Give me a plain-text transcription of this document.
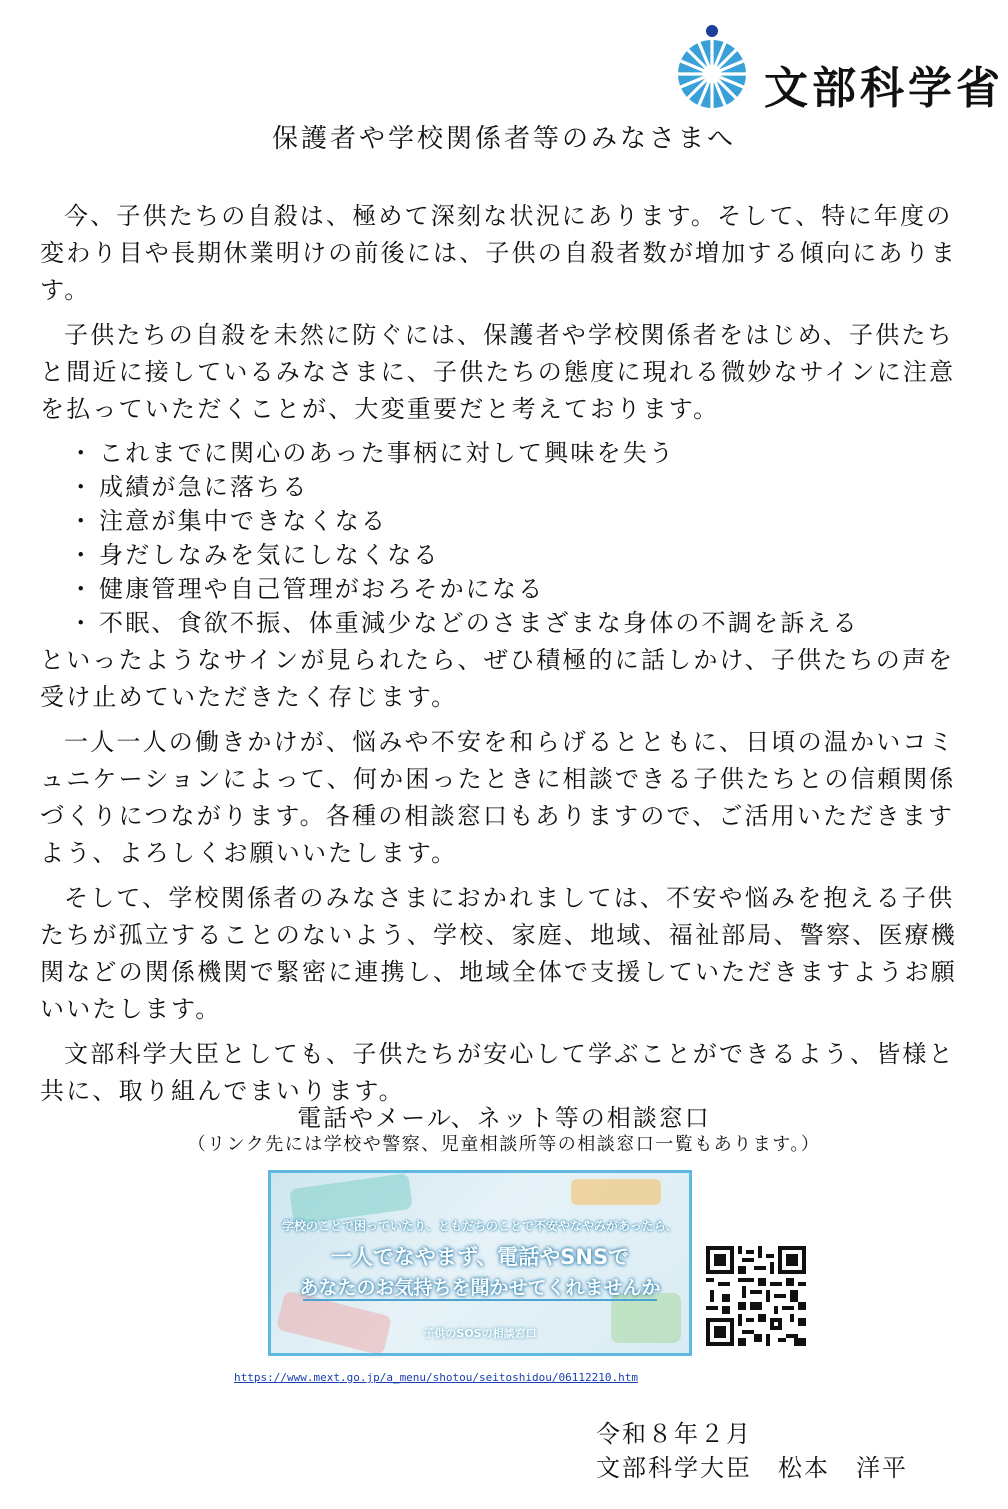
文部科学省
保護者や学校関係者等のみなさまへ

今、子供たちの自殺は、極めて深刻な状況にあります。そして、特に年度の変わり目や長期休業明けの前後には、子供の自殺者数が増加する傾向にあります。

子供たちの自殺を未然に防ぐには、保護者や学校関係者をはじめ、子供たちと間近に接しているみなさまに、子供たちの態度に現れる微妙なサインに注意を払っていただくことが、大変重要だと考えております。

・ これまでに関心のあった事柄に対して興味を失う
・ 成績が急に落ちる
・ 注意が集中できなくなる
・ 身だしなみを気にしなくなる
・ 健康管理や自己管理がおろそかになる
・ 不眠、食欲不振、体重減少などのさまざまな身体の不調を訴える

といったようなサインが見られたら、ぜひ積極的に話しかけ、子供たちの声を受け止めていただきたく存じます。

一人一人の働きかけが、悩みや不安を和らげるとともに、日頃の温かいコミュニケーションによって、何か困ったときに相談できる子供たちとの信頼関係づくりにつながります。各種の相談窓口もありますので、ご活用いただきますよう、よろしくお願いいたします。

そして、学校関係者のみなさまにおかれましては、不安や悩みを抱える子供たちが孤立することのないよう、学校、家庭、地域、福祉部局、警察、医療機関などの関係機関で緊密に連携し、地域全体で支援していただきますようお願いいたします。

文部科学大臣としても、子供たちが安心して学ぶことができるよう、皆様と共に、取り組んでまいります。

電話やメール、ネット等の相談窓口
（リンク先には学校や警察、児童相談所等の相談窓口一覧もあります。）
学校のことで困っていたり、ともだちのことで不安やなやみがあったら、
一人でなやまず、電話やSNSで
あなたのお気持ちを聞かせてくれませんか
子供のSOSの相談窓口
https://www.mext.go.jp/a_menu/shotou/seitoshidou/06112210.htm
令和８年２月
文部科学大臣　松本　洋平
